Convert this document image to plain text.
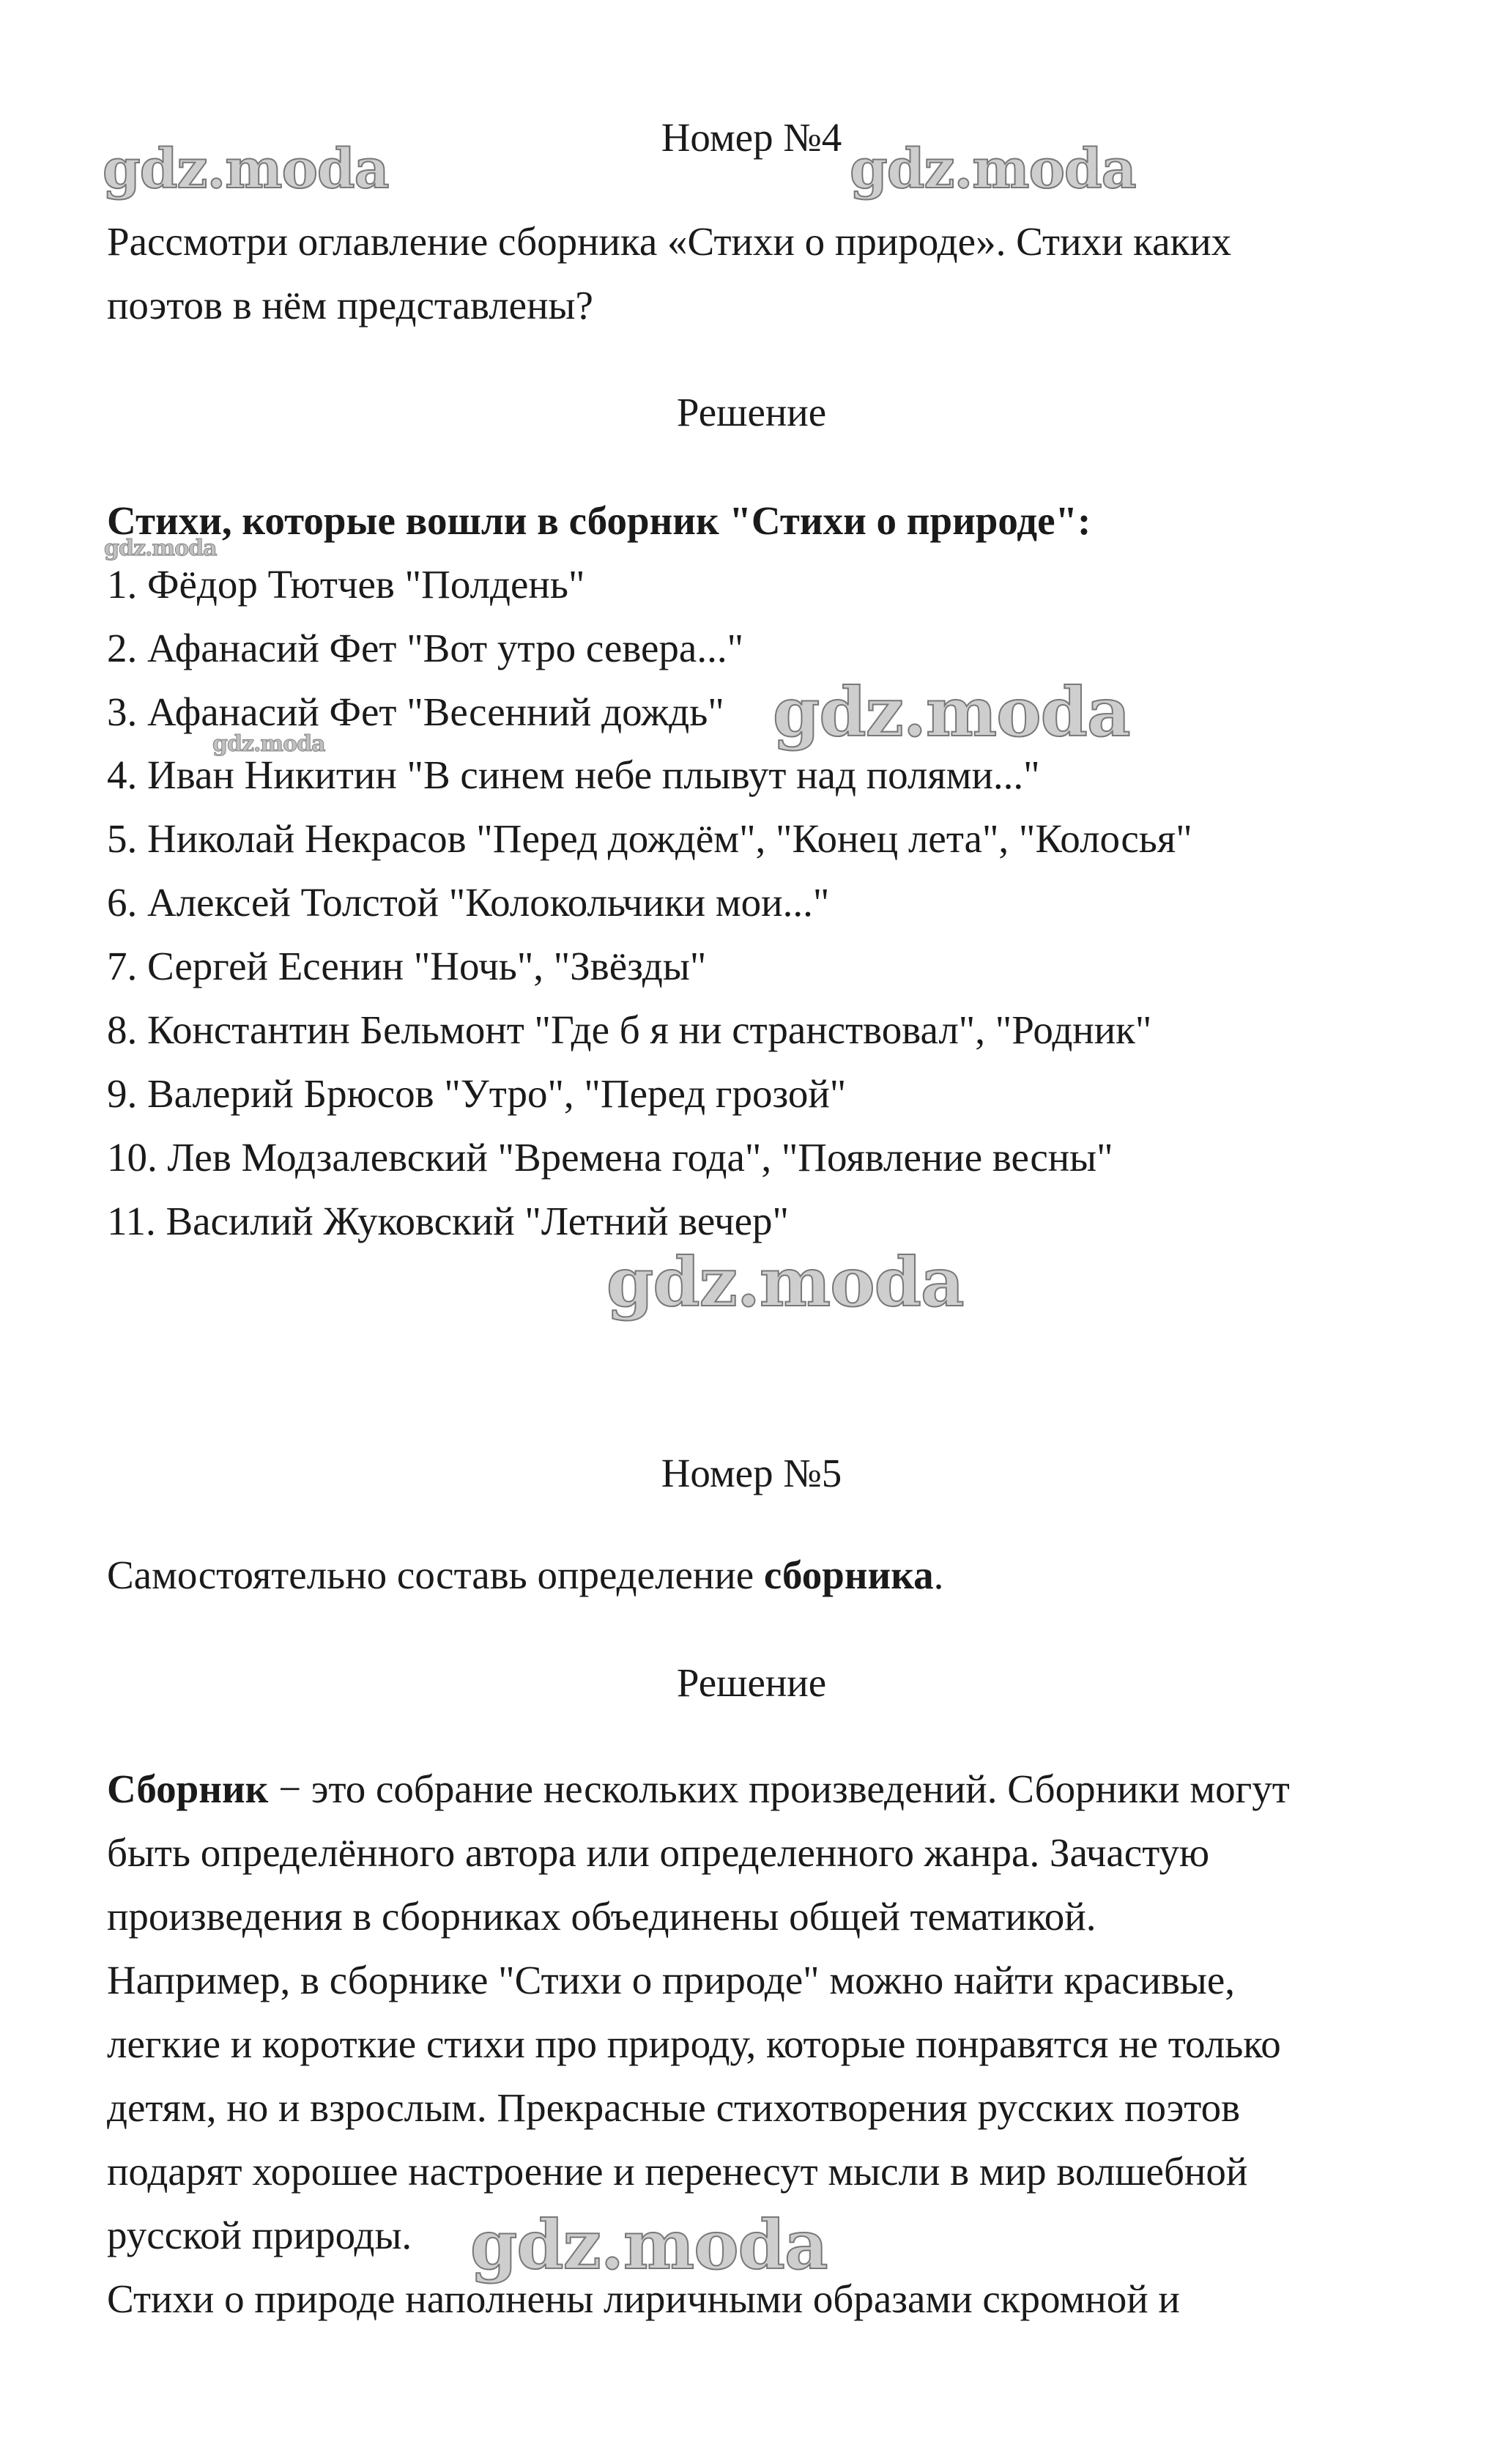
Номер №4
Рассмотри оглавление сборника «Стихи о природе». Стихи каких
поэтов в нём представлены?
Решение
Стихи, которые вошли в сборник "Стихи о природе":
1. Фёдор Тютчев "Полдень"
2. Афанасий Фет "Вот утро севера..."
3. Афанасий Фет "Весенний дождь"
4. Иван Никитин "В синем небе плывут над полями..."
5. Николай Некрасов "Перед дождём", "Конец лета", "Колосья"
6. Алексей Толстой "Колокольчики мои..."
7. Сергей Есенин "Ночь", "Звёзды"
8. Константин Бельмонт "Где б я ни странствовал", "Родник"
9. Валерий Брюсов "Утро", "Перед грозой"
10. Лев Модзалевский "Времена года", "Появление весны"
11. Василий Жуковский "Летний вечер"
Номер №5
Самостоятельно составь определение сборника.
Решение
Сборник − это собрание нескольких произведений. Сборники могут
быть определённого автора или определенного жанра. Зачастую
произведения в сборниках объединены общей тематикой.
Например, в сборнике "Стихи о природе" можно найти красивые,
легкие и короткие стихи про природу, которые понравятся не только
детям, но и взрослым. Прекрасные стихотворения русских поэтов
подарят хорошее настроение и перенесут мысли в мир волшебной
русской природы.
Стихи о природе наполнены лиричными образами скромной и
gdz.moda	gdz.moda
gdz.moda
gdz.moda
gdz.moda
gdz.moda
gdz.moda
